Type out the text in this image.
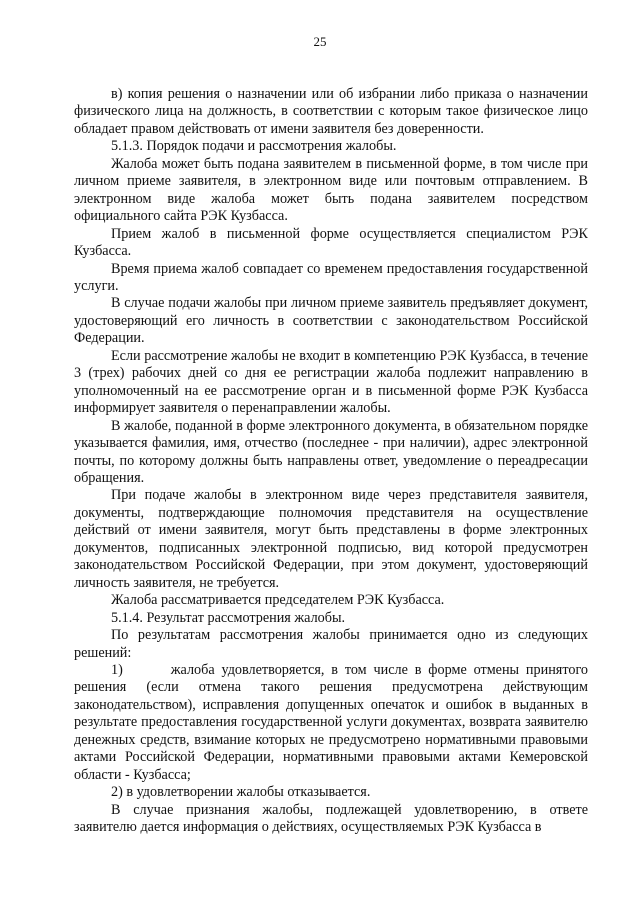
25

в) копия решения о назначении или об избрании либо приказа о назначении физического лица на должность, в соответствии с которым такое физическое лицо обладает правом действовать от имени заявителя без доверенности.

5.1.3. Порядок подачи и рассмотрения жалобы.

Жалоба может быть подана заявителем в письменной форме, в том числе при личном приеме заявителя, в электронном виде или почтовым отправлением. В электронном виде жалоба может быть подана заявителем посредством официального сайта РЭК Кузбасса.

Прием жалоб в письменной форме осуществляется специалистом РЭК Кузбасса.

Время приема жалоб совпадает со временем предоставления государственной услуги.

В случае подачи жалобы при личном приеме заявитель предъявляет документ, удостоверяющий его личность в соответствии с законодательством Российской Федерации.

Если рассмотрение жалобы не входит в компетенцию РЭК Кузбасса, в течение 3 (трех) рабочих дней со дня ее регистрации жалоба подлежит направлению в уполномоченный на ее рассмотрение орган и в письменной форме РЭК Кузбасса информирует заявителя о перенаправлении жалобы.

В жалобе, поданной в форме электронного документа, в обязательном порядке указывается фамилия, имя, отчество (последнее - при наличии), адрес электронной почты, по которому должны быть направлены ответ, уведомление о переадресации обращения.

При подаче жалобы в электронном виде через представителя заявителя, документы, подтверждающие полномочия представителя на осуществление действий от имени заявителя, могут быть представлены в форме электронных документов, подписанных электронной подписью, вид которой предусмотрен законодательством Российской Федерации, при этом документ, удостоверяющий личность заявителя, не требуется.

Жалоба рассматривается председателем РЭК Кузбасса.

5.1.4. Результат рассмотрения жалобы.

По результатам рассмотрения жалобы принимается одно из следующих решений:

1)       жалоба удовлетворяется, в том числе в форме отмены принятого решения (если отмена такого решения предусмотрена действующим законодательством), исправления допущенных опечаток и ошибок в выданных в результате предоставления государственной услуги документах, возврата заявителю денежных средств, взимание которых не предусмотрено нормативными правовыми актами Российской Федерации, нормативными правовыми актами Кемеровской области - Кузбасса;

2) в удовлетворении жалобы отказывается.

В случае признания жалобы, подлежащей удовлетворению, в ответе заявителю дается информация о действиях, осуществляемых РЭК Кузбасса в
